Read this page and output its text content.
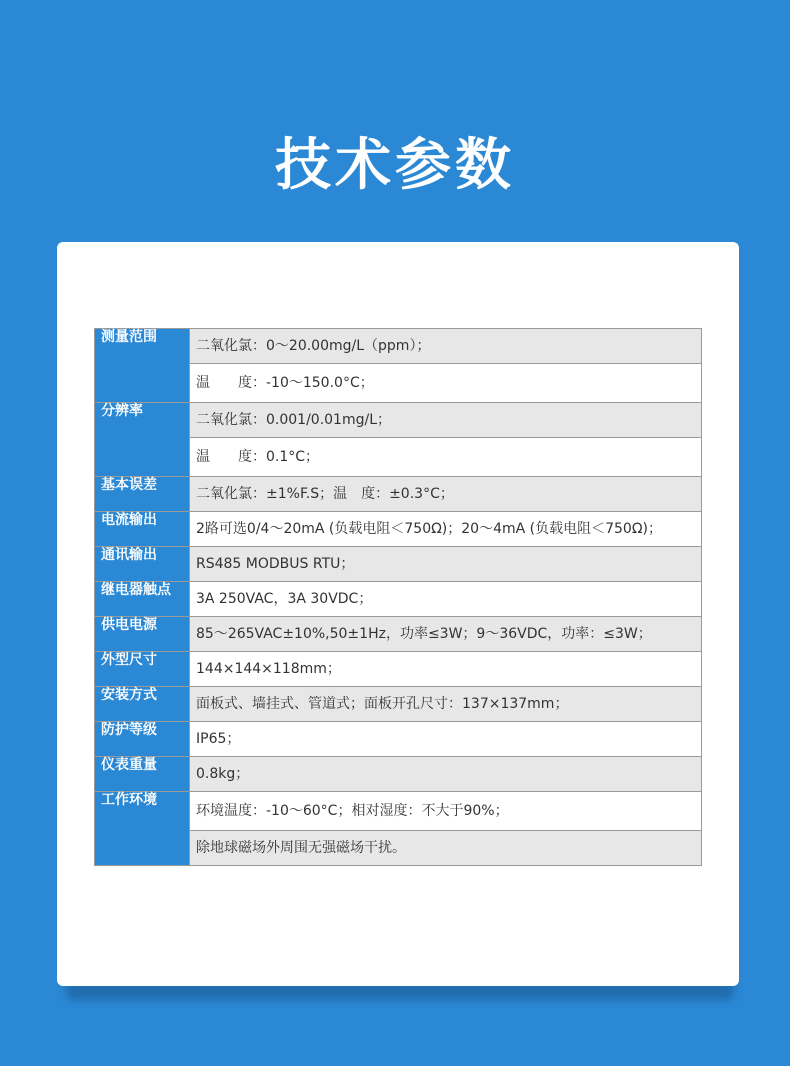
技术参数
测量范围	二氧化氯：0～20.00mg/L（ppm）；
	温　　度：-10～150.0°C；

分辨率	二氧化氯：0.001/0.01mg/L；
	温　　度：0.1°C；
基本误差	二氧化氯：±1%F.S；温　度：±0.3°C；
电流输出	2路可选0/4～20mA (负载电阻＜750Ω)；20～4mA (负载电阻＜750Ω)；
通讯输出	RS485 MODBUS RTU；
继电器触点	3A 250VAC，3A 30VDC；
供电电源	85～265VAC±10%,50±1Hz，功率≤3W；9～36VDC，功率：≤3W；
外型尺寸	144×144×118mm；
安装方式	面板式、墙挂式、管道式；面板开孔尺寸：137×137mm；
防护等级	IP65；
仪表重量	0.8kg；
工作环境	环境温度：-10～60°C；相对湿度：不大于90%；
	除地球磁场外周围无强磁场干扰。
